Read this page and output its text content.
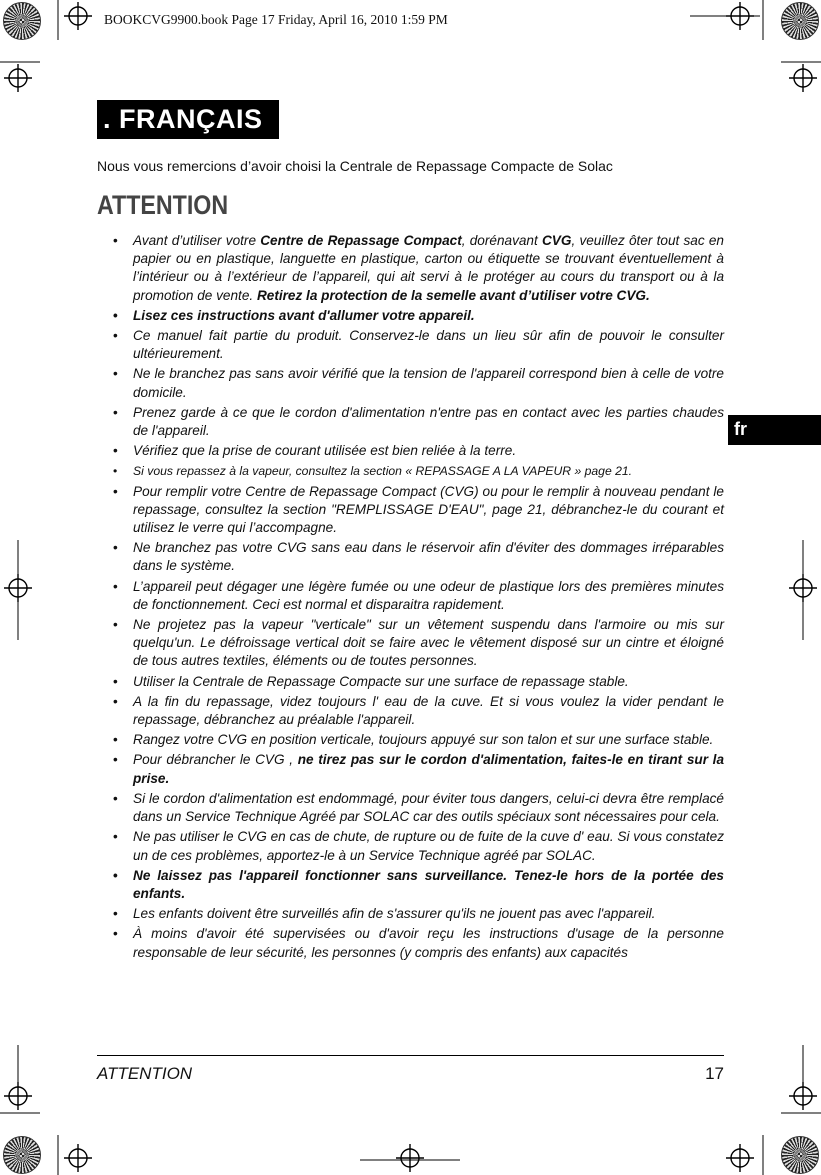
BOOKCVG9900.book Page 17 Friday, April 16, 2010 1:59 PM
. FRANÇAIS
Nous vous remercions d’avoir choisi la Centrale de Repassage Compacte de Solac
ATTENTION
fr
• Avant d’utiliser votre Centre de Repassage Compact, dorénavant CVG, veuillez ôter tout sac en papier ou en plastique, languette en plastique, carton ou étiquette se trouvant éventuellement à l’intérieur ou à l’extérieur de l’appareil, qui ait servi à le protéger au cours du transport ou à la promotion de vente. Retirez la protection de la semelle avant d’utiliser votre CVG.
• Lisez ces instructions avant d'allumer votre appareil.
• Ce manuel fait partie du produit. Conservez-le dans un lieu sûr afin de pouvoir le consulter ultérieurement.
• Ne le branchez pas sans avoir vérifié que la tension de l'appareil correspond bien à celle de votre domicile.
• Prenez garde à ce que le cordon d'alimentation n'entre pas en contact avec les parties chaudes de l'appareil.
• Vérifiez que la prise de courant utilisée est bien reliée à la terre.
• Si vous repassez à la vapeur, consultez la section « REPASSAGE A LA VAPEUR » page 21.
• Pour remplir votre Centre de Repassage Compact (CVG) ou pour le remplir à nouveau pendant le repassage, consultez la section "REMPLISSAGE D'EAU", page 21, débranchez-le du courant et utilisez le verre qui l’accompagne.
• Ne branchez pas votre CVG sans eau dans le réservoir afin d'éviter des dommages irréparables dans le système.
• L’appareil peut dégager une légère fumée ou une odeur de plastique lors des premières minutes de fonctionnement. Ceci est normal et disparaitra rapidement.
• Ne projetez pas la vapeur "verticale" sur un vêtement suspendu dans l'armoire ou mis sur quelqu'un. Le défroissage vertical doit se faire avec le vêtement disposé sur un cintre et éloigné de tous autres textiles, éléments ou de toutes personnes.
• Utiliser la Centrale de Repassage Compacte sur une surface de repassage stable.
• A la fin du repassage, videz toujours l' eau de la cuve. Et si vous voulez la vider pendant le repassage, débranchez au préalable l'appareil.
• Rangez votre CVG en position verticale, toujours appuyé sur son talon et sur une surface stable.
• Pour débrancher le CVG , ne tirez pas sur le cordon d'alimentation, faites-le en tirant sur la prise.
• Si le cordon d'alimentation est endommagé, pour éviter tous dangers, celui-ci devra être remplacé dans un Service Technique Agréé par SOLAC car des outils spéciaux sont nécessaires pour cela.
• Ne pas utiliser le CVG en cas de chute, de rupture ou de fuite de la cuve d' eau. Si vous constatez un de ces problèmes, apportez-le à un Service Technique agréé par SOLAC.
• Ne laissez pas l'appareil fonctionner sans surveillance. Tenez-le hors de la portée des enfants.
• Les enfants doivent être surveillés afin de s'assurer qu'ils ne jouent pas avec l'appareil.
• À moins d'avoir été supervisées ou d'avoir reçu les instructions d'usage de la personne responsable de leur sécurité, les personnes (y compris des enfants) aux capacités
ATTENTION	17
